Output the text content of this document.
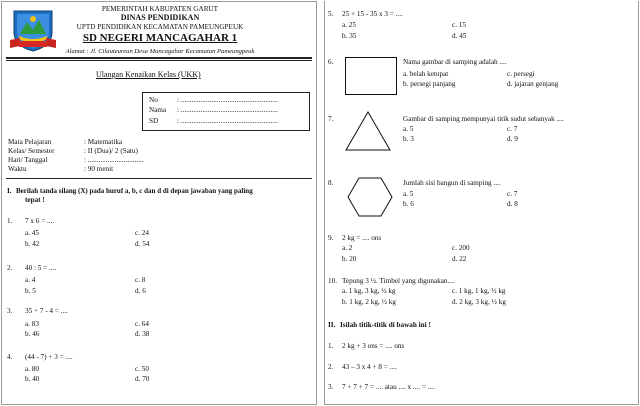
PEMERINTAH KABUPATEN GARUT
DINAS PENDIDIKAN
UPTD PENDIDIKAN KECAMATAN PAMEUNGPEUK
SD NEGERI MANCAGAHAR 1
Alamat : Jl. Cilauteureun Desa Mancagahar Kecamatan Pameungpeuk
Ulangan Kenaikan Kelas (UKK)
No	: ......................................................
Nama : ......................................................
SD	: ......................................................
Mata Pelajaran	: Matematika
Kelas/ Semester	: II (Dua)/ 2 (Satu)
Hari/ Tanggal	: ...............................
Waktu	: 90 menit
I. Berilah tanda silang (X) pada huruf a, b, c dan d di depan jawaban yang paling
tepat !
1. 7 x 6 = ....
a. 45	c. 24
b. 42	d. 54
2. 40 : 5 = ....
a. 4	c. 8
b. 5	d. 6
3. 35 + 7 - 4 = ....
a. 83	c. 64
b. 46	d. 38
4. (44 - 7) + 3 = ....
a. 80	c. 50
b. 40	d. 70
5. 25 + 15 - 35 x 3 = ....
a. 25	c. 15
b. 35	d. 45
6.	Nama gambar di samping adalah ....
a. belah ketupat	c. persegi
b. persegi panjang	d. jajaran genjang
7.	Gambar di samping mempunyai titik sudut sebanyak ....
a. 5	c. 7
b. 3	d. 9
8.	Jumlah sisi bangun di samping ....
a. 5	c. 7
b. 6	d. 8
9. 2 kg = .... ons
a. 2	c. 200
b. 20	d. 22
10. Tepung 3 ½. Timbel yang digunakan....
a. 1 kg, 3 kg, ½ kg	c. 1 kg, 1 kg, ½ kg
b. 1 kg, 2 kg, ½ kg	d. 2 kg, 3 kg, ½ kg
II. Isilah titik-titik di bawah ini !
1. 2 kg + 3 ons = .... ons
2. 43 – 3 x 4 + 8 = ....
3. 7 + 7 + 7 = .... atau .... x .... = ....
